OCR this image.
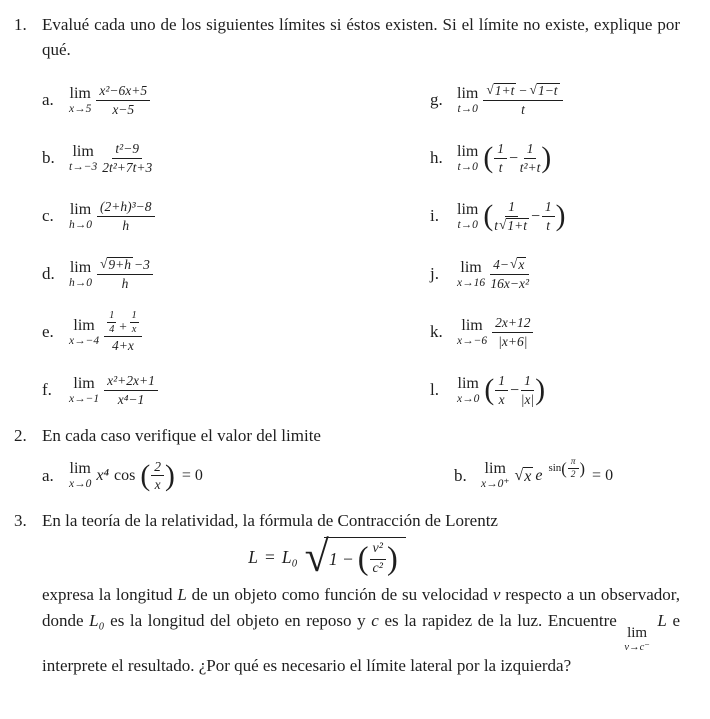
1. Evalué cada uno de los siguientes límites si éstos existen. Si el límite no existe, explique por qué.

a. lim
$x\to 5 \frac{\text{x²−6x+5}}{x-5}$	g. lim
t→0 √ $\frac{1+t - √ 1-t}{t}$
b.	lim
$t\to-3 \frac{\text{t²−9}}{\text{2t²+7t+3}}$	h. lim
t→0 ( $\frac{1}{t} - \frac{1}{\text{t²+t}}$
)
c.	lim
$h\to 0 \frac{\text{(2+h)³−8}}{h}$	i.	lim
t→0 ( $\frac{1}{t √ 1+t} - \frac{1}{t}$
)
d. lim
h→0 √ $\frac{9+h -3}{h}$	j.	lim
$x\to 16 \frac{4- √ x}{\text{16x−x²}}$
e.	lim
x→−4
$\frac{1}{4} + \frac{1}{x}$
4+x
k.	lim
$x\to-6 \frac{2x+12}{|x+6|}$
f.	lim
$x\to-1 \frac{\text{x²+2x+1}}{\text{x⁴−1}}$	l.	lim
x→0 ( $\frac{1}{x} - \frac{1}{|x|}$
)
2. En cada caso verifique el valor del limite

a. lim
x→0 x⁴ cos ( $\frac{2}{x}$
) = 0	b.	lim
x→0⁺ √ x e sin ( $\frac{\pi}{2}$
) = 0
3. En la teoría de la relatividad, la fórmula de Contracción de Lorentz

L = L₀ √ 1 − ( $\frac{\text{v²}}{\text{c²}}$
)

expresa la longitud L de un objeto como función de su velocidad v respecto a un observador, donde L₀ es la longitud del objeto en reposo y c es la rapidez de la luz. Encuentre
lim
v→c⁻
L e interprete el resultado. ¿Por qué es necesario el límite lateral por la izquierda?
